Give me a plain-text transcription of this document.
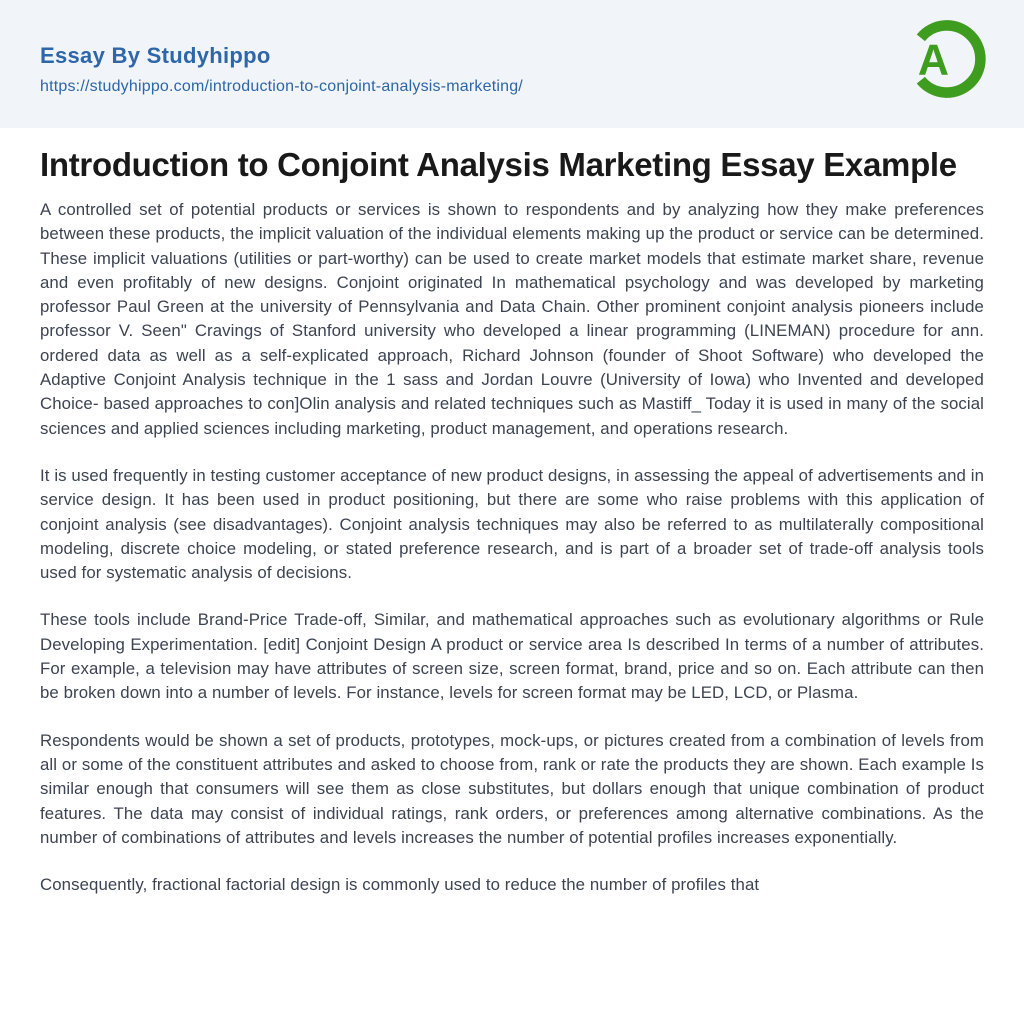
Essay By Studyhippo
https://studyhippo.com/introduction-to-conjoint-analysis-marketing/
A
Introduction to Conjoint Analysis Marketing Essay Example

A controlled set of potential products or services is shown to respondents and by analyzing how they make preferences between these products, the implicit valuation of the individual elements making up the product or service can be determined. These implicit valuations (utilities or part-worthy) can be used to create market models that estimate market share, revenue and even profitably of new designs. Conjoint originated In mathematical psychology and was developed by marketing professor Paul Green at the university of Pennsylvania and Data Chain. Other prominent conjoint analysis pioneers include professor V. Seen" Cravings of Stanford university who developed a linear programming (LINEMAN) procedure for ann. ordered data as well as a self-explicated approach, Richard Johnson (founder of Shoot Software) who developed the Adaptive Conjoint Analysis technique in the 1 sass and Jordan Louvre (University of Iowa) who Invented and developed Choice- based approaches to con]Olin analysis and related techniques such as Mastiff_ Today it is used in many of the social sciences and applied sciences including marketing, product management, and operations research.

It is used frequently in testing customer acceptance of new product designs, in assessing the appeal of advertisements and in service design. It has been used in product positioning, but there are some who raise problems with this application of conjoint analysis (see disadvantages). Conjoint analysis techniques may also be referred to as multilaterally compositional modeling, discrete choice modeling, or stated preference research, and is part of a broader set of trade-off analysis tools used for systematic analysis of decisions.

These tools include Brand-Price Trade-off, Similar, and mathematical approaches such as evolutionary algorithms or Rule Developing Experimentation. [edit] Conjoint Design A product or service area Is described In terms of a number of attributes. For example, a television may have attributes of screen size, screen format, brand, price and so on. Each attribute can then be broken down into a number of levels. For instance, levels for screen format may be LED, LCD, or Plasma.

Respondents would be shown a set of products, prototypes, mock-ups, or pictures created from a combination of levels from all or some of the constituent attributes and asked to choose from, rank or rate the products they are shown. Each example Is similar enough that consumers will see them as close substitutes, but dollars enough that unique combination of product features. The data may consist of individual ratings, rank orders, or preferences among alternative combinations. As the number of combinations of attributes and levels increases the number of potential profiles increases exponentially.

Consequently, fractional factorial design is commonly used to reduce the number of profiles that
